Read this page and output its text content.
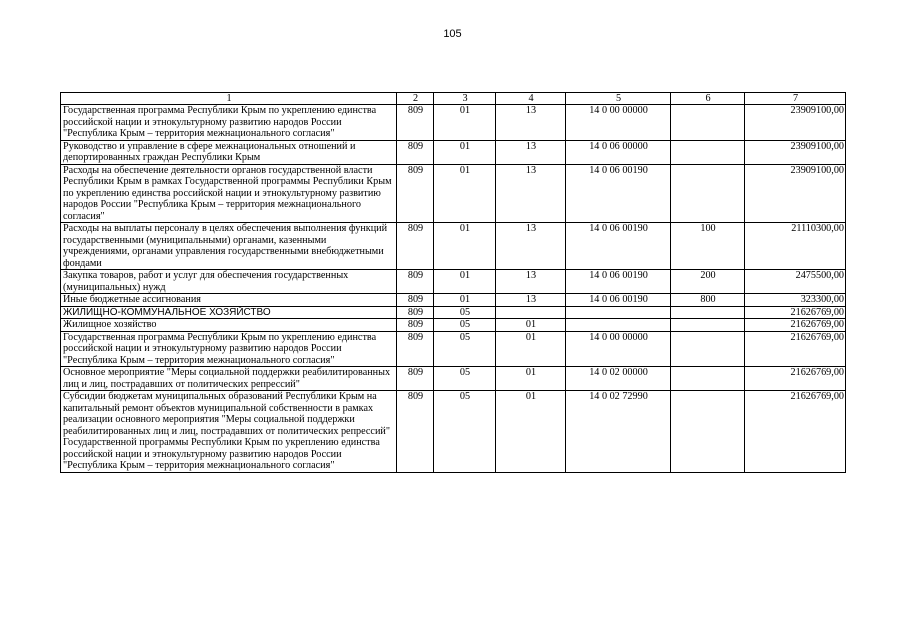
105
1	2	3	4	5	6	7
Государственная программа Республики Крым по укреплению единства российской нации и этнокультурному развитию народов России "Республика Крым – территория межнационального согласия"	809	01	13	14 0 00 00000		23909100,00
Руководство и управление в сфере межнациональных отношений и депортированных граждан Республики Крым	809	01	13	14 0 06 00000		23909100,00
Расходы на обеспечение деятельности органов государственной власти Республики Крым в рамках Государственной программы Республики Крым по укреплению единства российской нации и этнокультурному развитию народов России "Республика Крым – территория межнационального согласия"	809	01	13	14 0 06 00190		23909100,00
Расходы на выплаты персоналу в целях обеспечения выполнения функций государственными (муниципальными) органами, казенными учреждениями, органами управления государственными внебюджетными фондами	809	01	13	14 0 06 00190	100	21110300,00
Закупка товаров, работ и услуг для обеспечения государственных (муниципальных) нужд	809	01	13	14 0 06 00190	200	2475500,00
Иные бюджетные ассигнования	809	01	13	14 0 06 00190	800	323300,00
ЖИЛИЩНО-КОММУНАЛЬНОЕ ХОЗЯЙСТВО	809	05				21626769,00
Жилищное хозяйство	809	05	01			21626769,00
Государственная программа Республики Крым по укреплению единства российской нации и этнокультурному развитию народов России "Республика Крым – территория межнационального согласия"	809	05	01	14 0 00 00000		21626769,00
Основное мероприятие "Меры социальной поддержки реабилитированных лиц и лиц, пострадавших от политических репрессий"	809	05	01	14 0 02 00000		21626769,00
Субсидии бюджетам муниципальных образований Республики Крым на капитальный ремонт объектов муниципальной собственности в рамках реализации основного мероприятия "Меры социальной поддержки реабилитированных лиц и лиц, пострадавших от политических репрессий" Государственной программы Республики Крым по укреплению единства российской нации и этнокультурному развитию народов России "Республика Крым – территория межнационального согласия"	809	05	01	14 0 02 72990		21626769,00
